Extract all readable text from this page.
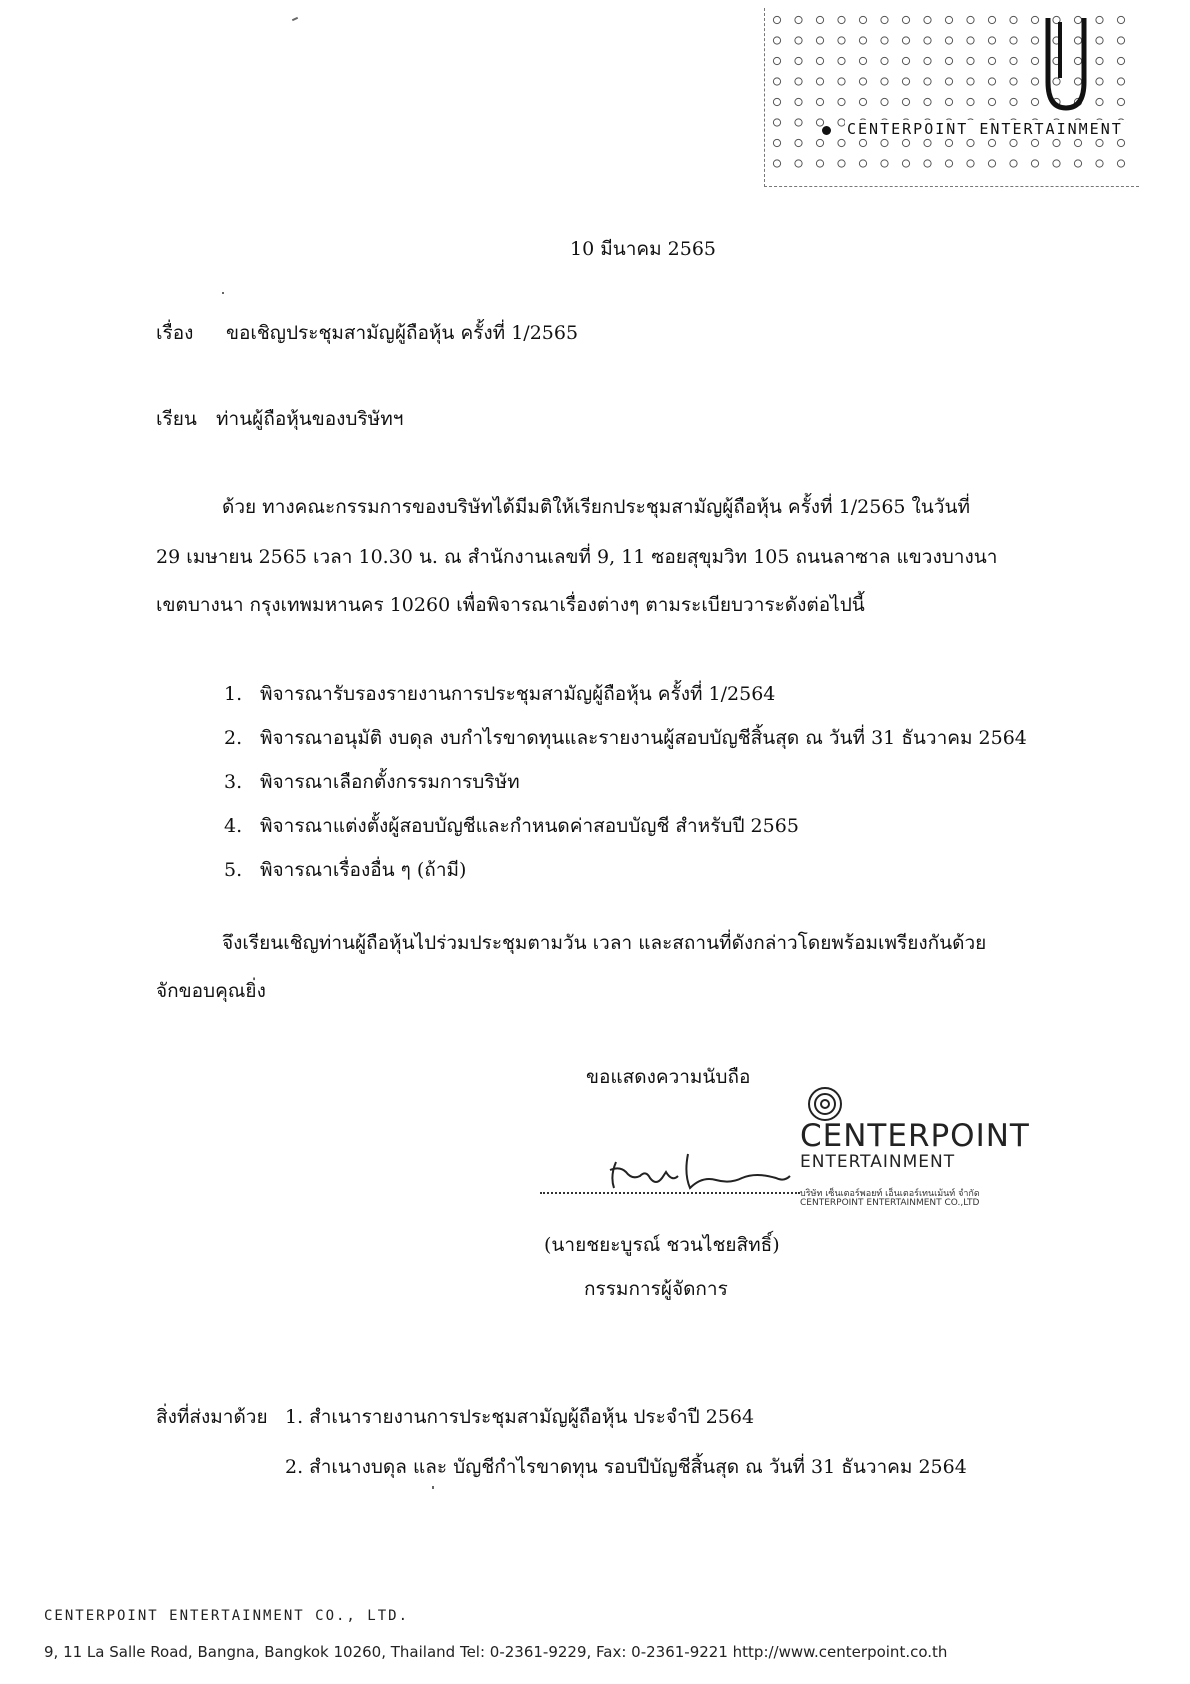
CENTERPOINT ENTERTAINMENT
10 มีนาคม 2565
เรื่อง ขอเชิญประชุมสามัญผู้ถือหุ้น ครั้งที่ 1/2565
เรียน ท่านผู้ถือหุ้นของบริษัทฯ
ด้วย ทางคณะกรรมการของบริษัทได้มีมติให้เรียกประชุมสามัญผู้ถือหุ้น ครั้งที่ 1/2565 ในวันที่
29 เมษายน 2565 เวลา 10.30 น. ณ สำนักงานเลขที่ 9, 11 ซอยสุขุมวิท 105 ถนนลาซาล แขวงบางนา
เขตบางนา กรุงเทพมหานคร 10260 เพื่อพิจารณาเรื่องต่างๆ ตามระเบียบวาระดังต่อไปนี้
1. พิจารณารับรองรายงานการประชุมสามัญผู้ถือหุ้น ครั้งที่ 1/2564
2. พิจารณาอนุมัติ งบดุล งบกำไรขาดทุนและรายงานผู้สอบบัญชีสิ้นสุด ณ วันที่ 31 ธันวาคม 2564
3. พิจารณาเลือกตั้งกรรมการบริษัท
4. พิจารณาแต่งตั้งผู้สอบบัญชีและกำหนดค่าสอบบัญชี สำหรับปี 2565
5. พิจารณาเรื่องอื่น ๆ (ถ้ามี)
จึงเรียนเชิญท่านผู้ถือหุ้นไปร่วมประชุมตามวัน เวลา และสถานที่ดังกล่าวโดยพร้อมเพรียงกันด้วย
จักขอบคุณยิ่ง
ขอแสดงความนับถือ
CENTERPOINT
ENTERTAINMENT
บริษัท เซ็นเตอร์พอยท์ เอ็นเตอร์เทนเม้นท์ จำกัด
CENTERPOINT ENTERTAINMENT CO.,LTD
(นายชยะบูรณ์ ชวนไชยสิทธิ์)
กรรมการผู้จัดการ
สิ่งที่ส่งมาด้วย 1. สำเนารายงานการประชุมสามัญผู้ถือหุ้น ประจำปี 2564
2. สำเนางบดุล และ บัญชีกำไรขาดทุน รอบปีบัญชีสิ้นสุด ณ วันที่ 31 ธันวาคม 2564
CENTERPOINT ENTERTAINMENT CO., LTD.
9, 11 La Salle Road, Bangna, Bangkok 10260, Thailand Tel: 0-2361-9229, Fax: 0-2361-9221 http://www.centerpoint.co.th
